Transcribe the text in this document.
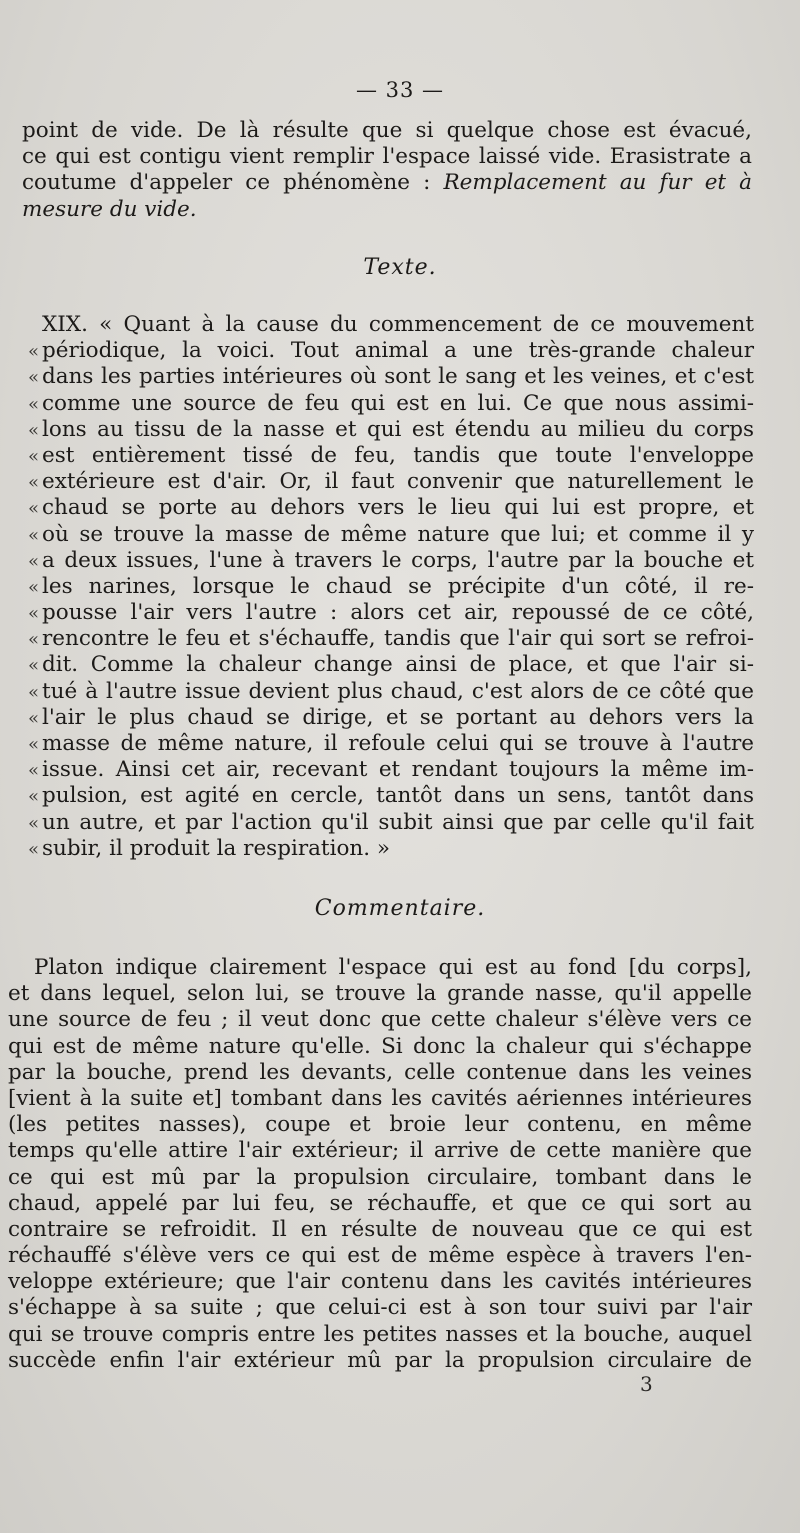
— 33 —
point de vide. De là résulte que si quelque chose est évacué,
ce qui est contigu vient remplir l'espace laissé vide. Erasistrate a
coutume d'appeler ce phénomène : Remplacement au fur et à
mesure du vide.
Texte.
XIX. « Quant à la cause du commencement de ce mouvement
« périodique, la voici. Tout animal a une très-grande chaleur
« dans les parties intérieures où sont le sang et les veines, et c'est
« comme une source de feu qui est en lui. Ce que nous assimi-
« lons au tissu de la nasse et qui est étendu au milieu du corps
« est entièrement tissé de feu, tandis que toute l'enveloppe
« extérieure est d'air. Or, il faut convenir que naturellement le
« chaud se porte au dehors vers le lieu qui lui est propre, et
« où se trouve la masse de même nature que lui; et comme il y
« a deux issues, l'une à travers le corps, l'autre par la bouche et
« les narines, lorsque le chaud se précipite d'un côté, il re-
« pousse l'air vers l'autre : alors cet air, repoussé de ce côté,
« rencontre le feu et s'échauffe, tandis que l'air qui sort se refroi-
« dit. Comme la chaleur change ainsi de place, et que l'air si-
« tué à l'autre issue devient plus chaud, c'est alors de ce côté que
« l'air le plus chaud se dirige, et se portant au dehors vers la
« masse de même nature, il refoule celui qui se trouve à l'autre
« issue. Ainsi cet air, recevant et rendant toujours la même im-
« pulsion, est agité en cercle, tantôt dans un sens, tantôt dans
« un autre, et par l'action qu'il subit ainsi que par celle qu'il fait
« subir, il produit la respiration. »
Commentaire.
Platon indique clairement l'espace qui est au fond [du corps],
et dans lequel, selon lui, se trouve la grande nasse, qu'il appelle
une source de feu ; il veut donc que cette chaleur s'élève vers ce
qui est de même nature qu'elle. Si donc la chaleur qui s'échappe
par la bouche, prend les devants, celle contenue dans les veines
[vient à la suite et] tombant dans les cavités aériennes intérieures
(les petites nasses), coupe et broie leur contenu, en même
temps qu'elle attire l'air extérieur; il arrive de cette manière que
ce qui est mû par la propulsion circulaire, tombant dans le
chaud, appelé par lui feu, se réchauffe, et que ce qui sort au
contraire se refroidit. Il en résulte de nouveau que ce qui est
réchauffé s'élève vers ce qui est de même espèce à travers l'en-
veloppe extérieure; que l'air contenu dans les cavités intérieures
s'échappe à sa suite ; que celui-ci est à son tour suivi par l'air
qui se trouve compris entre les petites nasses et la bouche, auquel
succède enfin l'air extérieur mû par la propulsion circulaire de
3
